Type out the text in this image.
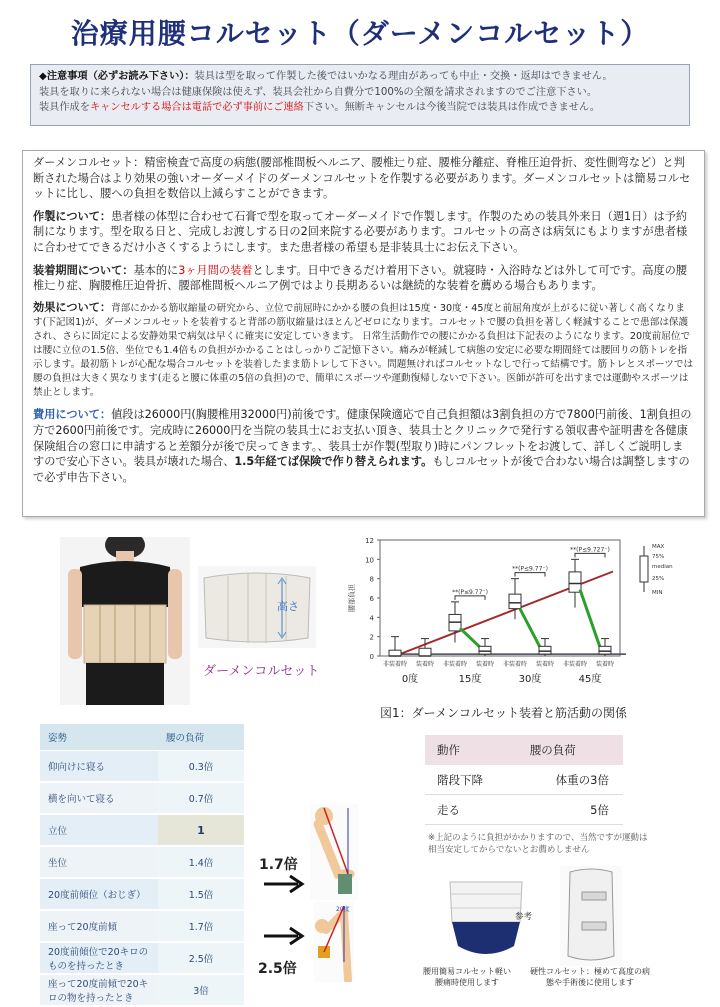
治療用腰コルセット（ダーメンコルセット）
◆注意事項（必ずお読み下さい）：装具は型を取って作製した後ではいかなる理由があっても中止・交換・返却はできません。
装具を取りに来られない場合は健康保険は使えず、装具会社から自費分で100%の全額を請求されますのでご注意下さい。
装具作成をキャンセルする場合は電話で必ず事前にご連絡下さい。無断キャンセルは今後当院では装具は作成できません。

ダーメンコルセット：精密検査で高度の病態(腰部椎間板ヘルニア、腰椎辷り症、腰椎分離症、脊椎圧迫骨折、変性側弯など）と判断された場合はより効果の強いオーダーメイドのダーメンコルセットを作製する必要があります。ダーメンコルセットは簡易コルセットに比し、腰への負担を数倍以上減らすことができます。

作製について：患者様の体型に合わせて石膏で型を取ってオーダーメイドで作製します。作製のための装具外来日（週1日）は予約制になります。型を取る日と、完成しお渡しする日の2回来院する必要があります。コルセットの高さは病気にもよりますが患者様に合わせてできるだけ小さくするようにします。また患者様の希望も是非装具士にお伝え下さい。

装着期間について：基本的に3ヶ月間の装着とします。日中できるだけ着用下さい。就寝時・入浴時などは外して可です。高度の腰椎辷り症、胸腰椎圧迫骨折、腰部椎間板ヘルニア例ではより長期あるいは継続的な装着を薦める場合もあります。

効果について：背部にかかる筋収縮量の研究から、立位で前屈時にかかる腰の負担は15度・30度・45度と前屈角度が上がるに従い著しく高くなります(下記図1)が、ダーメンコルセットを装着すると背部の筋収縮量はほとんどゼロになります。コルセットで腰の負担を著しく軽減することで患部は保護され、さらに固定による安静効果で病気は早くに確実に安定していきます。 日常生活動作での腰にかかる負担は下記表のようになります。20度前屈位では腰に立位の1.5倍、坐位でも1.4倍もの負担がかかることはしっかりご記憶下さい。痛みが軽減して病態の安定に必要な期間経ては腰回りの筋トレを指示します。最初筋トレが心配な場合コルセットを装着したまま筋トレして下さい。問題無ければコルセットなしで行って結構です。筋トレとスポーツでは腰の負担は大きく異なります(走ると腰に体重の5倍の負担)ので、簡単にスポーツや運動復帰しないで下さい。医師が許可を出すまでは運動やスポーツは禁止とします。

費用について：値段は26000円(胸腰椎用32000円)前後です。健康保険適応で自己負担額は3割負担の方で7800円前後、1割負担の方で2600円前後です。完成時に26000円を当院の装具士にお支払い頂き、装具士とクリニックで発行する領収書や証明書を各健康保険組合の窓口に申請すると差額分が後で戻ってきます。、装具士が作製(型取り)時にパンフレットをお渡して、詳しくご説明しますので安心下さい。装具が壊れた場合、1.5年経てば保険で作り替えられます。もしコルセットが後で合わない場合は調整しますので必ず申告下さい。

高さ
ダーメンコルセット
0
2
4
6
8
10
12
腰部負担
非装着時 装着時 非装着時 装着時 非装着時 装着時 非装着時 装着時
0度	15度	30度	45度
**(P≤9.77⁻)
**(P≤9.77⁻)
**(P≤9.727⁻)	MAX
75%
median
25%
MIN
図1：ダーメンコルセット装着と筋活動の関係
姿勢	腰の負荷
仰向けに寝る	0.3倍
横を向いて寝る	0.7倍
立位	1
坐位	1.4倍
20度前傾位（おじぎ）	1.5倍
座って20度前傾	1.7倍
20度前傾位で20キロのものを持ったとき	2.5倍
座って20度前傾で20キロの物を持ったとき	3倍
1.7倍
2.5倍
20度
動作	腰の負荷
階段下降	体重の3倍
走る	5倍
※上記のように負担がかかりますので、当然ですが運動は相当安定してからでないとお薦めしません
参考
腰用簡易コルセット軽い腰痛時使用します
硬性コルセット：極めて高度の病態や手術後に使用します
